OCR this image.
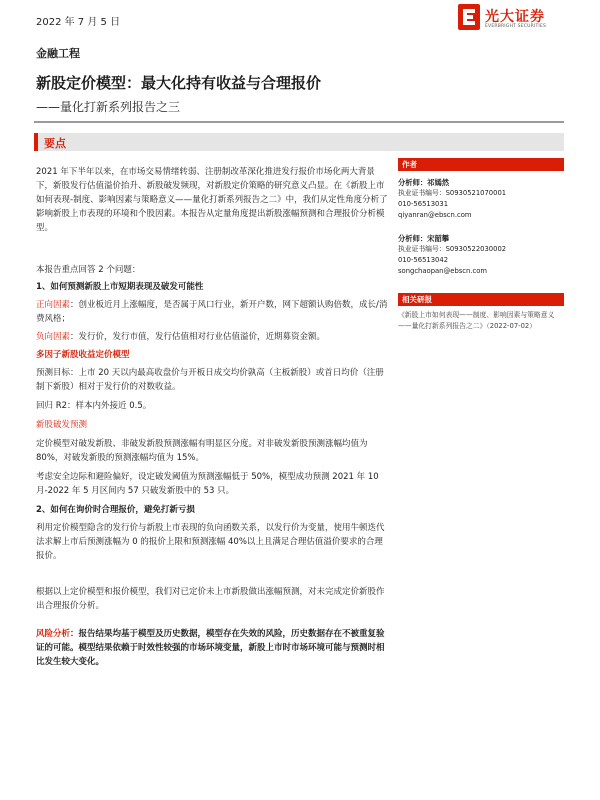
2022 年 7 月 5 日	光大证券
EVERBRIGHT SECURITIES
金融工程
新股定价模型：最大化持有收益与合理报价
——量化打新系列报告之三
要点

2021 年下半年以来，在市场交易情绪转弱、注册制改革深化推进发行报价市场化两大背景下，新股发行估值溢价抬升、新股破发频现，对新股定价策略的研究意义凸显。在《新股上市如何表现-制度、影响因素与策略意义——量化打新系列报告之二》中，我们从定性角度分析了影响新股上市表现的环境和个股因素。本报告从定量角度提出新股涨幅预测和合理报价分析模型。

本报告重点回答 2 个问题：

1、如何预测新股上市短期表现及破发可能性

正向因素：创业板近月上涨幅度，是否属于风口行业，新开户数，网下超额认购倍数，成长/消费风格；

负向因素：发行价，发行市值，发行估值相对行业估值溢价，近期募资金额。

多因子新股收益定价模型

预测目标：上市 20 天以内最高收盘价与开板日成交均价孰高（主板新股）或首日均价（注册制下新股）相对于发行价的对数收益。

回归 R2：样本内外接近 0.5。

新股破发预测

定价模型对破发新股、非破发新股预测涨幅有明显区分度。对非破发新股预测涨幅均值为 80%，对破发新股的预测涨幅均值为 15%。

考虑安全边际和避险偏好，设定破发阈值为预测涨幅低于 50%，模型成功预测 2021 年 10 月-2022 年 5 月区间内 57 只破发新股中的 53 只。

2、如何在询价时合理报价，避免打新亏损

利用定价模型隐含的发行价与新股上市表现的负向函数关系，以发行价为变量，使用牛顿迭代法求解上市后预测涨幅为 0 的报价上限和预测涨幅 40%以上且满足合理估值溢价要求的合理报价。

根据以上定价模型和报价模型，我们对已定价未上市新股做出涨幅预测，对未完成定价新股作出合理报价分析。

风险分析：报告结果均基于模型及历史数据，模型存在失效的风险，历史数据存在不被重复验证的可能。模型结果依赖于时效性较强的市场环境变量，新股上市时市场环境可能与预测时相比发生较大变化。

作者

分析师：祁嫣然

执业证书编号：S0930521070001

010-56513031

qiyanran@ebscn.com

分析师：宋韶攀

执业证书编号：S0930522030002

010-56513042

songchaopan@ebscn.com

相关研报

《新股上市如何表现——制度、影响因素与策略意义——量化打新系列报告之二》（2022-07-02）
